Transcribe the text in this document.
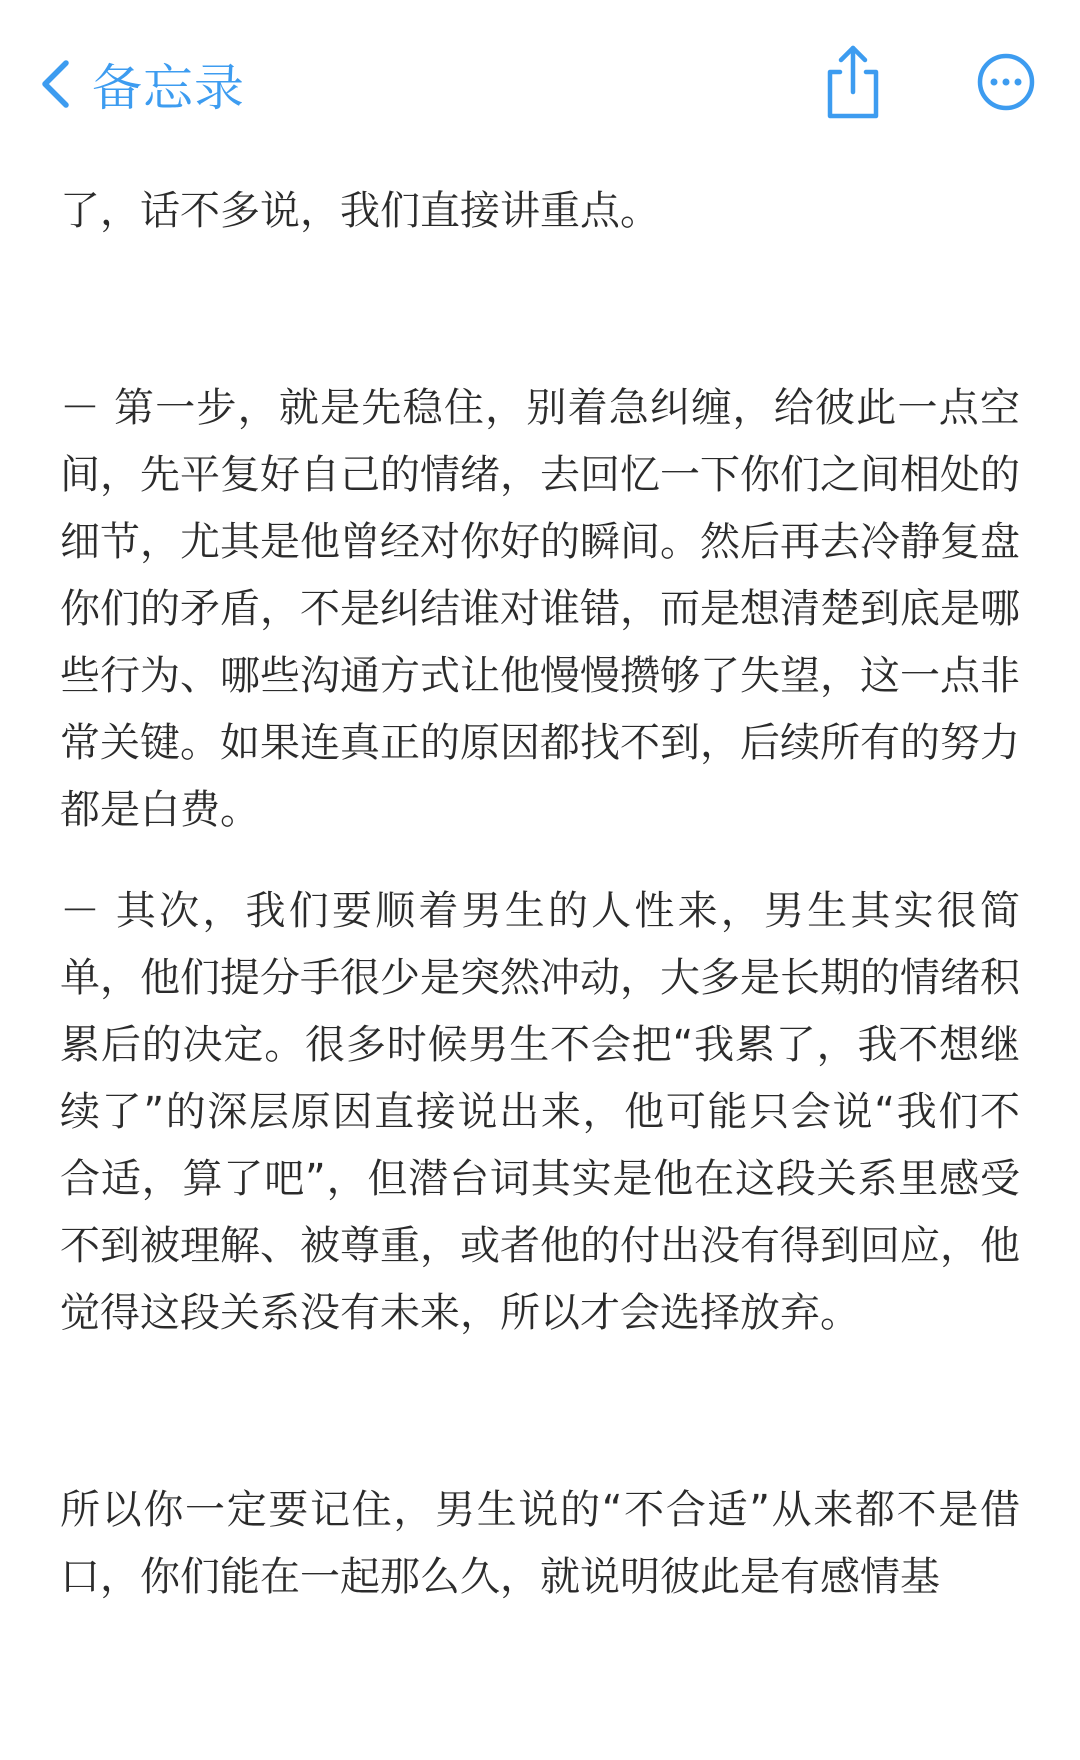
备忘录

了，话不多说，我们直接讲重点。

－ 第一步，就是先稳住，别着急纠缠，给彼此一点空间，先平复好自己的情绪，去回忆一下你们之间相处的细节，尤其是他曾经对你好的瞬间。然后再去冷静复盘你们的矛盾，不是纠结谁对谁错，而是想清楚到底是哪些行为、哪些沟通方式让他慢慢攒够了失望，这一点非常关键。如果连真正的原因都找不到，后续所有的努力都是白费。

－ 其次，我们要顺着男生的人性来，男生其实很简单，他们提分手很少是突然冲动，大多是长期的情绪积累后的决定。很多时候男生不会把“我累了，我不想继续了”的深层原因直接说出来，他可能只会说“我们不合适，算了吧”，但潜台词其实是他在这段关系里感受不到被理解、被尊重，或者他的付出没有得到回应，他觉得这段关系没有未来，所以才会选择放弃。

所以你一定要记住，男生说的“不合适”从来都不是借口，你们能在一起那么久，就说明彼此是有感情基
